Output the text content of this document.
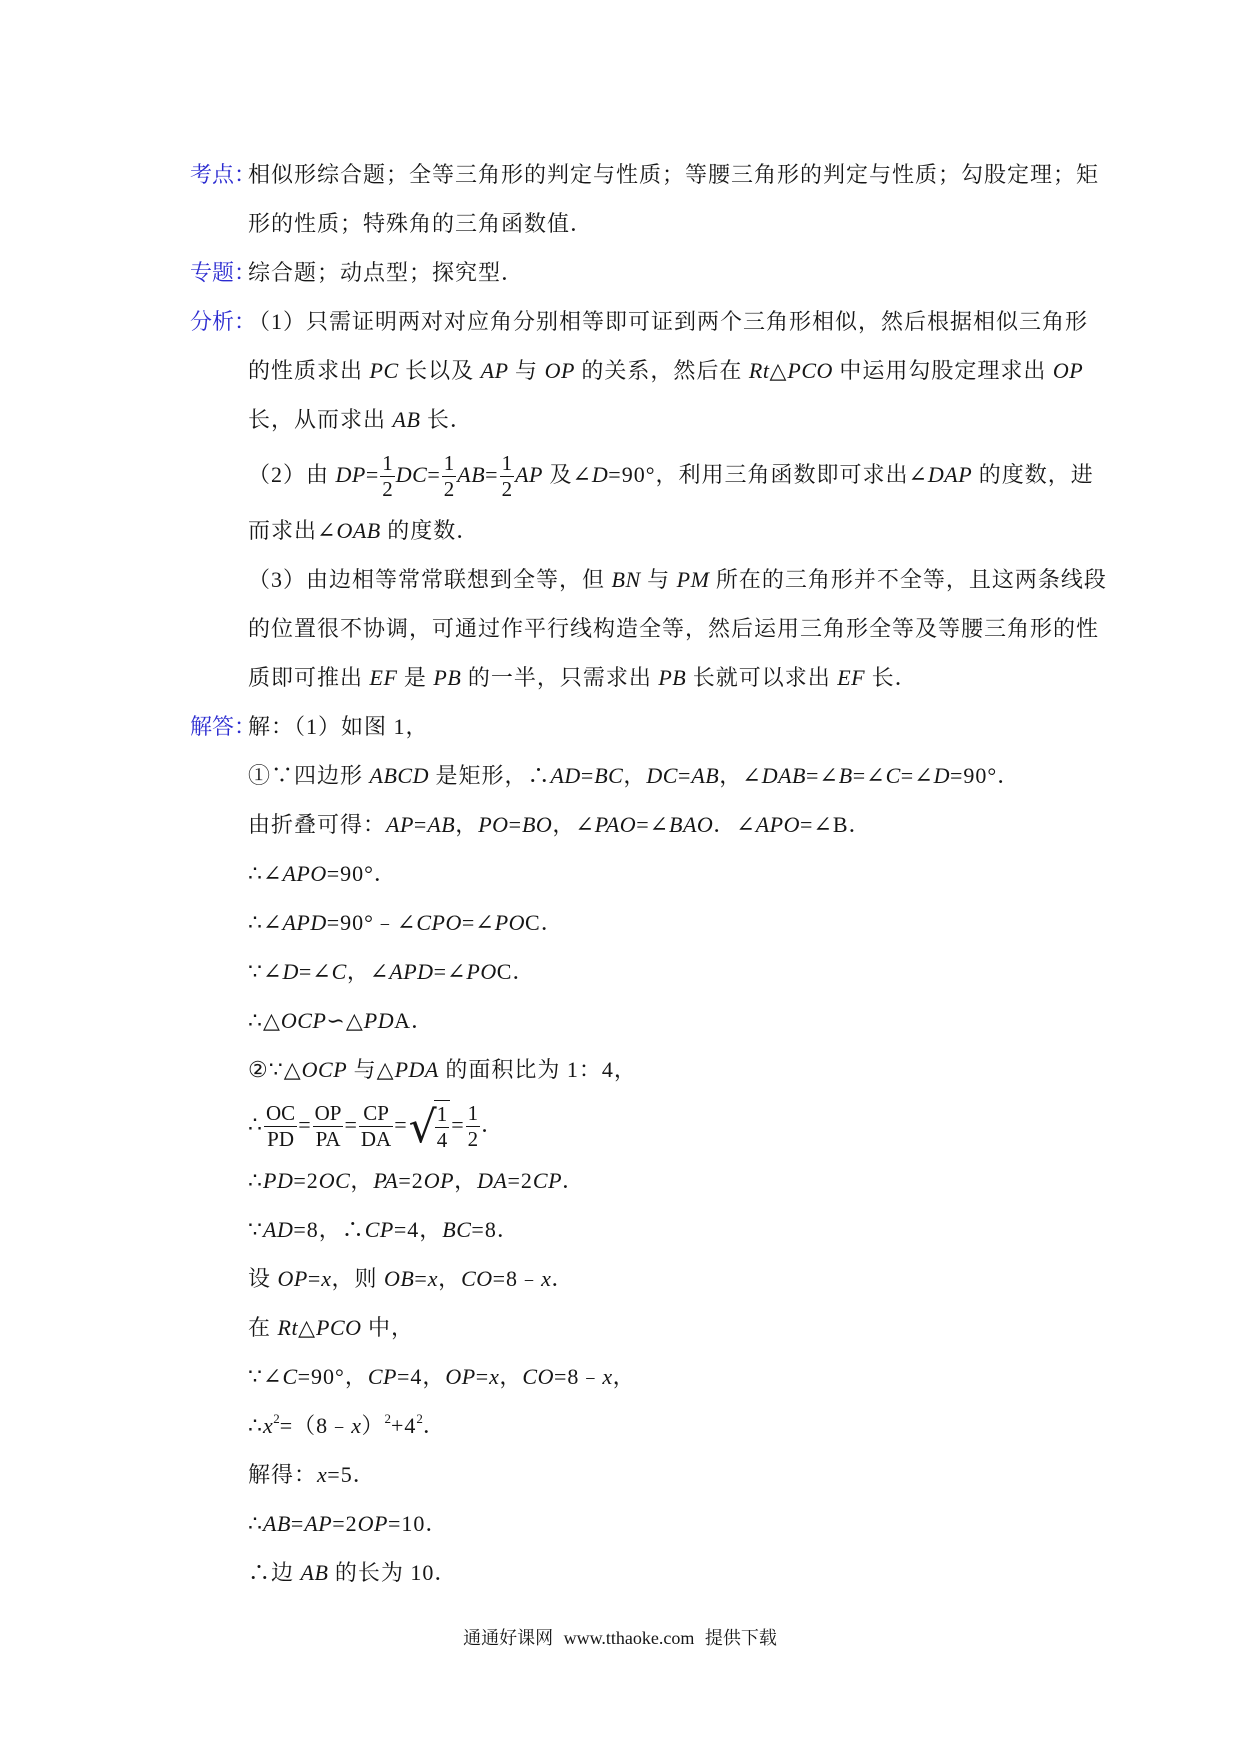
考点：
相似形综合题；全等三角形的判定与性质；等腰三角形的判定与性质；勾股定理；矩
形的性质；特殊角的三角函数值．
专题：
综合题；动点型；探究型．
分析：
（1）只需证明两对对应角分别相等即可证到两个三角形相似，然后根据相似三角形
的性质求出 PC 长以及 AP 与 OP 的关系，然后在 Rt△PCO 中运用勾股定理求出 OP
长，从而求出 AB 长．
（2）由 $DP= \frac{1}{2} DC= \frac{1}{2} AB= \frac{1}{2}$ AP 及∠D=90°，利用三角函数即可求出∠DAP 的度数，进
而求出∠OAB 的度数．
（3）由边相等常常联想到全等，但 BN 与 PM 所在的三角形并不全等，且这两条线段
的位置很不协调，可通过作平行线构造全等，然后运用三角形全等及等腰三角形的性
质即可推出 EF 是 PB 的一半，只需求出 PB 长就可以求出 EF 长．
解答：
解：（1）如图 1，
①∵四边形 ABCD 是矩形，∴AD=BC，DC=AB，∠DAB=∠B=∠C=∠D=90°．
由折叠可得：AP=AB，PO=BO，∠PAO=∠BAO．∠APO=∠B．
∴∠APO=90°．
∴∠APD=90°﹣∠CPO=∠POC．
∵∠D=∠C，∠APD=∠POC．
∴△OCP∽△PDA．
②∵△OCP 与△PDA 的面积比为 1：4，
∴ $\frac{OC}{PD} = \frac{OP}{PA} = \frac{CP}{DA}$ = √
$\frac{1}{4} = \frac{1}{2}$ ．
∴PD=2OC，PA=2OP，DA=2CP．
∵AD=8，∴CP=4，BC=8．
设 OP=x，则 OB=x，CO=8﹣x．
在 Rt△PCO 中，
∵∠C=90°，CP=4，OP=x，CO=8﹣x，
$\therefore x^2=(8﹣x)^2+4^2$．
解得：x=5．
∴AB=AP=2OP=10．
∴边 AB 的长为 10．
通通好课网 www.tthaoke.com 提供下载
